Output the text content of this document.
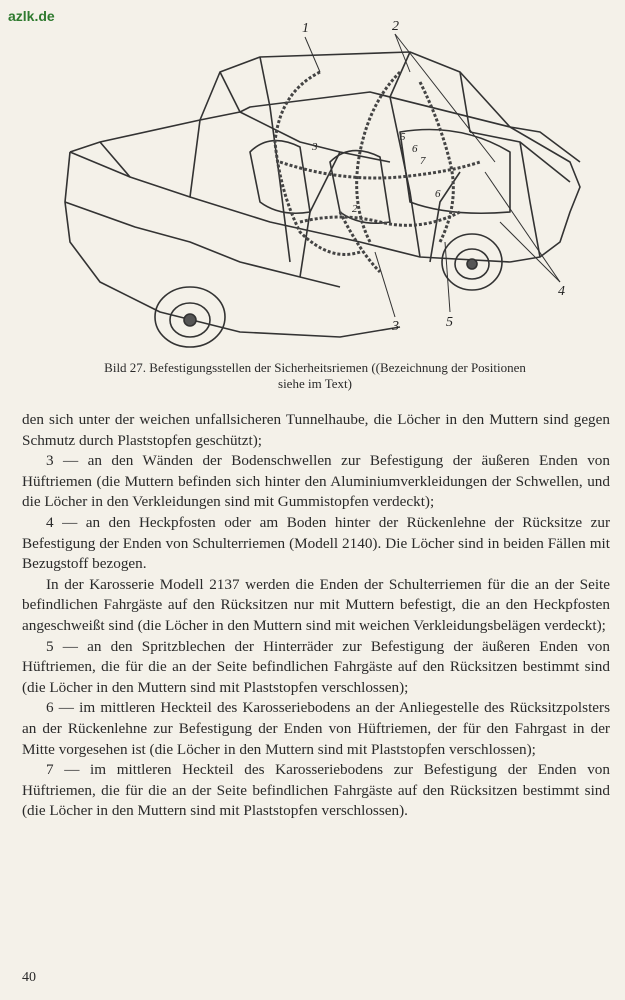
azlk.de
1	2
3
4
5
3
5
6
7
6
2
Bild 27. Befestigungsstellen der Sicherheitsriemen ((Bezeichnung der Positionen
siehe im Text)

den sich unter der weichen unfallsicheren Tunnelhaube, die Löcher in den Muttern sind gegen Schmutz durch Plaststopfen geschützt);

3 — an den Wänden der Bodenschwellen zur Befestigung der äußeren Enden von Hüftriemen (die Muttern befinden sich hinter den Aluminiumverkleidungen der Schwellen, und die Löcher in den Verkleidungen sind mit Gummistopfen verdeckt);

4 — an den Heckpfosten oder am Boden hinter der Rückenlehne der Rücksitze zur Befestigung der Enden von Schulterriemen (Modell 2140). Die Löcher sind in beiden Fällen mit Bezugstoff bezogen.

In der Karosserie Modell 2137 werden die Enden der Schulterriemen für die an der Seite befindlichen Fahrgäste auf den Rücksitzen nur mit Muttern befestigt, die an den Heckpfosten angeschweißt sind (die Löcher in den Muttern sind mit weichen Verkleidungsbelägen verdeckt);

5 — an den Spritzblechen der Hinterräder zur Befestigung der äußeren Enden von Hüftriemen, die für die an der Seite befindlichen Fahrgäste auf den Rücksitzen bestimmt sind (die Löcher in den Muttern sind mit Plaststopfen verschlossen);

6 — im mittleren Heckteil des Karosseriebodens an der Anliegestelle des Rücksitzpolsters an der Rückenlehne zur Befestigung der Enden von Hüftriemen, der für den Fahrgast in der Mitte vorgesehen ist (die Löcher in den Muttern sind mit Plaststopfen verschlossen);

7 — im mittleren Heckteil des Karosseriebodens zur Befestigung der Enden von Hüftriemen, die für die an der Seite befindlichen Fahrgäste auf den Rücksitzen bestimmt sind (die Löcher in den Muttern sind mit Plaststopfen verschlossen).

40
